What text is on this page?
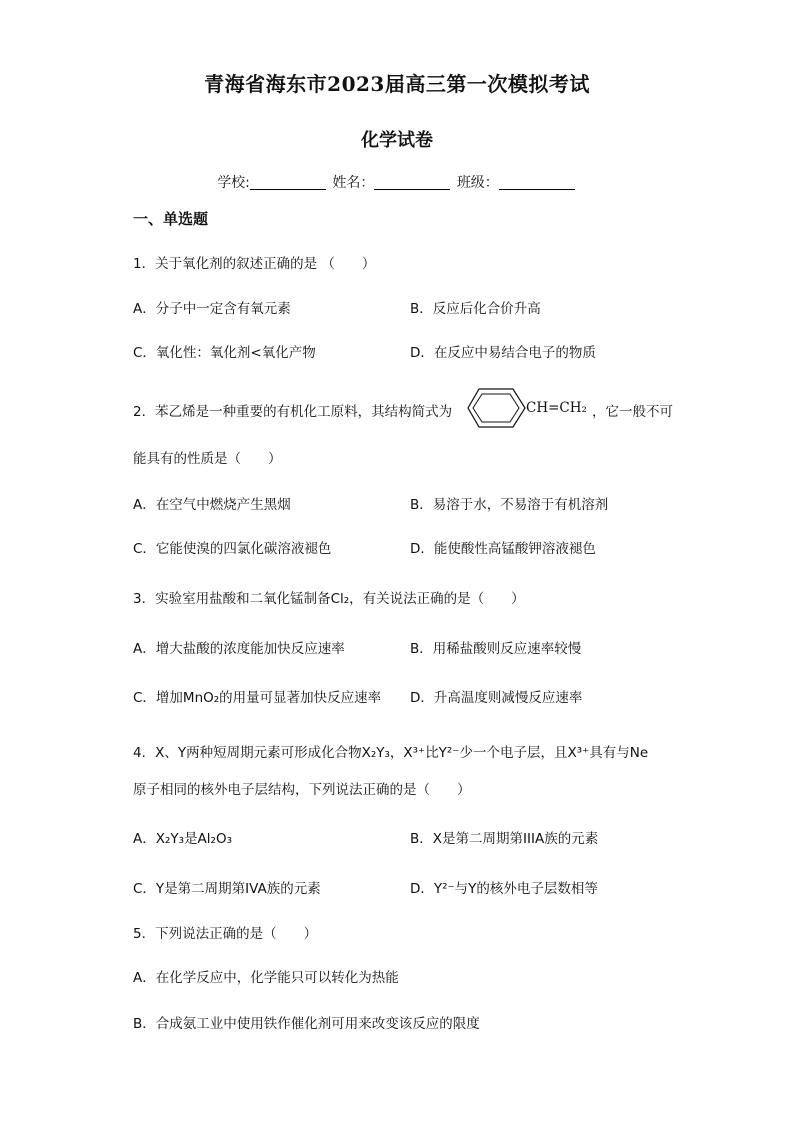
青海省海东市2023届高三第一次模拟考试
化学试卷
学校:	姓名：	班级：
一、单选题
1．关于氧化剂的叙述正确的是 （　　）
A．分子中一定含有氧元素	B．反应后化合价升高
C．氧化性：氧化剂<氧化产物	D．在反应中易结合电子的物质
2．苯乙烯是一种重要的有机化工原料，其结构简式为	CH=CH₂ ，它一般不可
能具有的性质是（　　）
A．在空气中燃烧产生黑烟	B．易溶于水，不易溶于有机溶剂
C．它能使溴的四氯化碳溶液褪色	D．能使酸性高锰酸钾溶液褪色
3．实验室用盐酸和二氧化锰制备Cl₂，有关说法正确的是（　　）
A．增大盐酸的浓度能加快反应速率	B．用稀盐酸则反应速率较慢
C．增加MnO₂的用量可显著加快反应速率 D．升高温度则减慢反应速率
4．X、Y两种短周期元素可形成化合物X₂Y₃，X³⁺比Y²⁻少一个电子层，且X³⁺具有与Ne
原子相同的核外电子层结构，下列说法正确的是（　　）
A．X₂Y₃是Al₂O₃	B．X是第二周期第IIIA族的元素
C．Y是第二周期第IVA族的元素	D．Y²⁻与Y的核外电子层数相等
5．下列说法正确的是（　　）
A．在化学反应中，化学能只可以转化为热能
B．合成氨工业中使用铁作催化剂可用来改变该反应的限度
